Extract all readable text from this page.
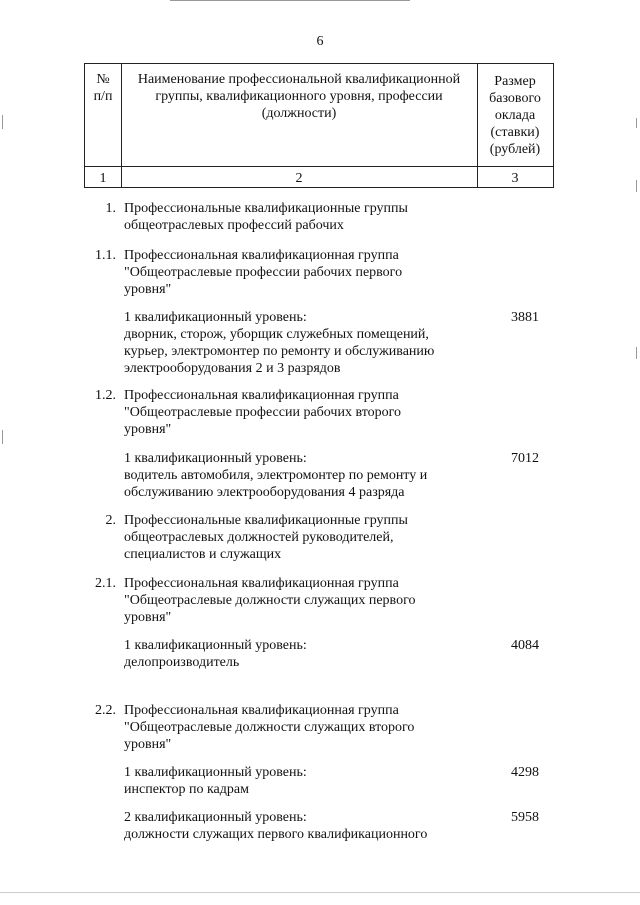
6
№
п/п
Наименование профессиональной квалификационной
группы, квалификационного уровня, профессии
(должности)
Размер
базового
оклада
(ставки)
(рублей)
1	2	3
1. Профессиональные квалификационные группы
общеотраслевых профессий рабочих
1.1. Профессиональная квалификационная группа
"Общеотраслевые профессии рабочих первого
уровня"
1 квалификационный уровень:
дворник, сторож, уборщик служебных помещений,
курьер, электромонтер по ремонту и обслуживанию
электрооборудования 2 и 3 разрядов
3881
1.2. Профессиональная квалификационная группа
"Общеотраслевые профессии рабочих второго
уровня"
1 квалификационный уровень:
водитель автомобиля, электромонтер по ремонту и
обслуживанию электрооборудования 4 разряда
7012
2. Профессиональные квалификационные группы
общеотраслевых должностей руководителей,
специалистов и служащих
2.1. Профессиональная квалификационная группа
"Общеотраслевые должности служащих первого
уровня"
1 квалификационный уровень:
делопроизводитель
4084
2.2. Профессиональная квалификационная группа
"Общеотраслевые должности служащих второго
уровня"
1 квалификационный уровень:
инспектор по кадрам
4298
2 квалификационный уровень:
должности служащих первого квалификационного
5958
